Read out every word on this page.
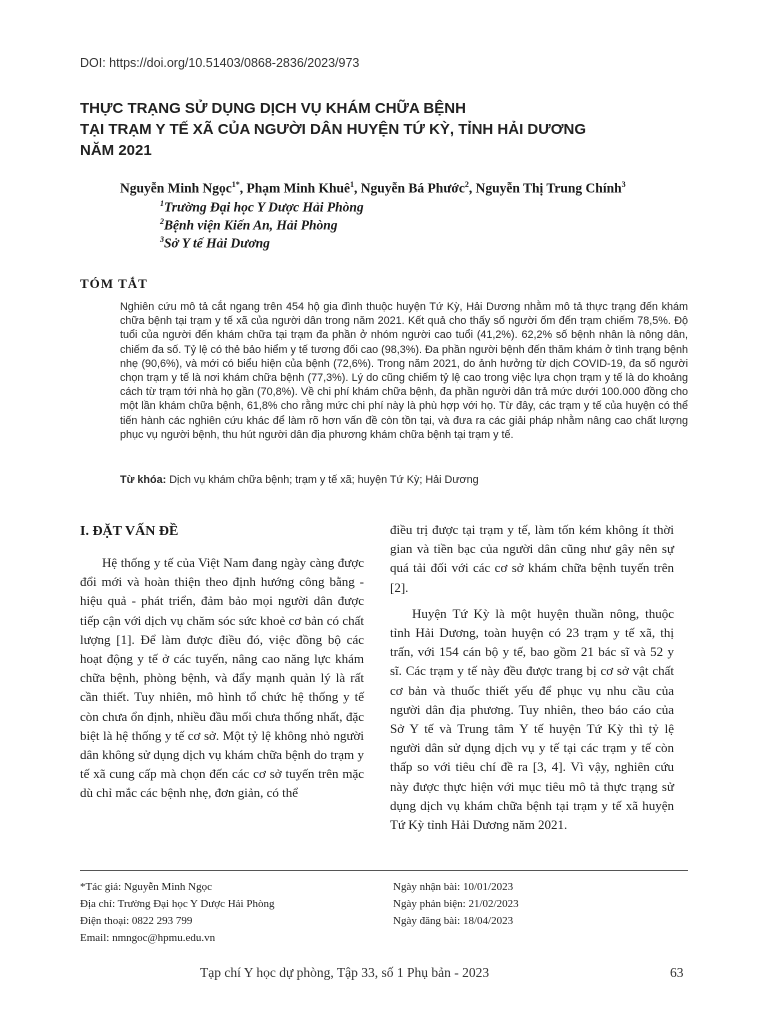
DOI: https://doi.org/10.51403/0868-2836/2023/973
THỰC TRẠNG SỬ DỤNG DỊCH VỤ KHÁM CHỮA BỆNH
TẠI TRẠM Y TẾ XÃ CỦA NGƯỜI DÂN HUYỆN TỨ KỲ, TỈNH HẢI DƯƠNG
NĂM 2021
Nguyễn Minh Ngọc$^{1*}$, Phạm Minh Khuê$^1$, Nguyễn Bá Phước$^2$, Nguyễn Thị Trung Chính$^3$
$^1$Trường Đại học Y Dược Hải Phòng
$^2$Bệnh viện Kiến An, Hải Phòng
$^3$Sở Y tế Hải Dương
TÓM TẮT
Nghiên cứu mô tả cắt ngang trên 454 hộ gia đình thuộc huyện Tứ Kỳ, Hải Dương nhằm mô tả thực trạng đến khám chữa bệnh tại trạm y tế xã của người dân trong năm 2021. Kết quả cho thấy số người ốm đến trạm chiếm 78,5%. Độ tuổi của người đến khám chữa tại trạm đa phần ở nhóm người cao tuổi (41,2%). 62,2% số bệnh nhân là nông dân, chiếm đa số. Tỷ lệ có thẻ bảo hiểm y tế tương đối cao (98,3%). Đa phần người bệnh đến thăm khám ở tình trạng bệnh nhẹ (90,6%), và mới có biểu hiện của bệnh (72,6%). Trong năm 2021, do ảnh hưởng từ dịch COVID-19, đa số người chọn trạm y tế là nơi khám chữa bệnh (77,3%). Lý do cũng chiếm tỷ lệ cao trong việc lựa chọn trạm y tế là do khoảng cách từ trạm tới nhà họ gần (70,8%). Về chi phí khám chữa bệnh, đa phần người dân trả mức dưới 100.000 đồng cho một lần khám chữa bệnh, 61,8% cho rằng mức chi phí này là phù hợp với họ. Từ đây, các trạm y tế của huyện có thể tiến hành các nghiên cứu khác để làm rõ hơn vấn đề còn tồn tại, và đưa ra các giải pháp nhằm nâng cao chất lượng phục vụ người bệnh, thu hút người dân địa phương khám chữa bệnh tại trạm y tế.
Từ khóa: Dịch vụ khám chữa bệnh; trạm y tế xã; huyện Tứ Kỳ; Hải Dương
I. ĐẶT VẤN ĐỀ

Hệ thống y tế của Việt Nam đang ngày càng được đổi mới và hoàn thiện theo định hướng công bằng - hiệu quả - phát triển, đảm bảo mọi người dân được tiếp cận với dịch vụ chăm sóc sức khoẻ cơ bản có chất lượng [1]. Để làm được điều đó, việc đồng bộ các hoạt động y tế ở các tuyến, nâng cao năng lực khám chữa bệnh, phòng bệnh, và đẩy mạnh quản lý là rất cần thiết. Tuy nhiên, mô hình tổ chức hệ thống y tế còn chưa ổn định, nhiều đầu mối chưa thống nhất, đặc biệt là hệ thống y tế cơ sở. Một tỷ lệ không nhỏ người dân không sử dụng dịch vụ khám chữa bệnh do trạm y tế xã cung cấp mà chọn đến các cơ sở tuyến trên mặc dù chỉ mắc các bệnh nhẹ, đơn giản, có thể

điều trị được tại trạm y tế, làm tốn kém không ít thời gian và tiền bạc của người dân cũng như gây nên sự quá tải đối với các cơ sở khám chữa bệnh tuyến trên [2].

Huyện Tứ Kỳ là một huyện thuần nông, thuộc tỉnh Hải Dương, toàn huyện có 23 trạm y tế xã, thị trấn, với 154 cán bộ y tế, bao gồm 21 bác sĩ và 52 y sĩ. Các trạm y tế này đều được trang bị cơ sở vật chất cơ bản và thuốc thiết yếu để phục vụ nhu cầu của người dân địa phương. Tuy nhiên, theo báo cáo của Sở Y tế và Trung tâm Y tế huyện Tứ Kỳ thì tỷ lệ người dân sử dụng dịch vụ y tế tại các trạm y tế còn thấp so với tiêu chí đề ra [3, 4]. Vì vậy, nghiên cứu này được thực hiện với mục tiêu mô tả thực trạng sử dụng dịch vụ khám chữa bệnh tại trạm y tế xã huyện Tứ Kỳ tỉnh Hải Dương năm 2021.

*Tác giả: Nguyễn Minh Ngọc
Địa chỉ: Trường Đại học Y Dược Hải Phòng
Điện thoại: 0822 293 799
Email: nmngoc@hpmu.edu.vn
Ngày nhận bài: 10/01/2023
Ngày phản biện: 21/02/2023
Ngày đăng bài: 18/04/2023
Tạp chí Y học dự phòng, Tập 33, số 1 Phụ bản - 2023	63
